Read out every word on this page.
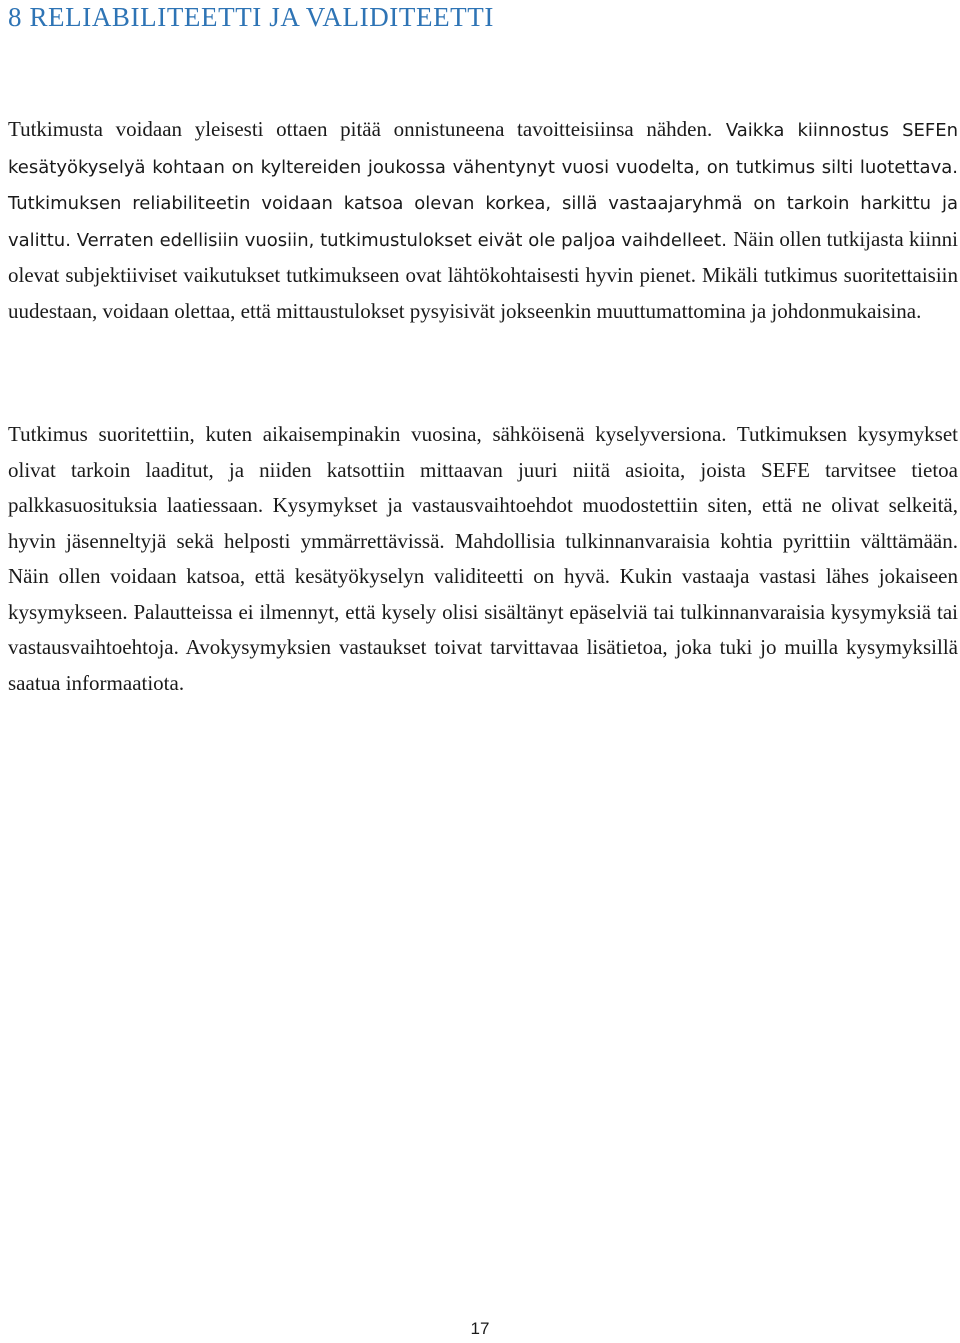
8 RELIABILITEETTI JA VALIDITEETTI

Tutkimusta voidaan yleisesti ottaen pitää onnistuneena tavoitteisiinsa nähden. Vaikka kiinnostus SEFEn kesätyökyselyä kohtaan on kyltereiden joukossa vähentynyt vuosi vuodelta, on tutkimus silti luotettava. Tutkimuksen reliabiliteetin voidaan katsoa olevan korkea, sillä vastaajaryhmä on tarkoin harkittu ja valittu. Verraten edellisiin vuosiin, tutkimustulokset eivät ole paljoa vaihdelleet. Näin ollen tutkijasta kiinni olevat subjektiiviset vaikutukset tutkimukseen ovat lähtökohtaisesti hyvin pienet. Mikäli tutkimus suoritettaisiin uudestaan, voidaan olettaa, että mittaustulokset pysyisivät jokseenkin muuttumattomina ja johdonmukaisina.

Tutkimus suoritettiin, kuten aikaisempinakin vuosina, sähköisenä kyselyversiona. Tutkimuksen kysymykset olivat tarkoin laaditut, ja niiden katsottiin mittaavan juuri niitä asioita, joista SEFE tarvitsee tietoa palkkasuosituksia laatiessaan. Kysymykset ja vastausvaihtoehdot muodostettiin siten, että ne olivat selkeitä, hyvin jäsenneltyjä sekä helposti ymmärrettävissä. Mahdollisia tulkinnanvaraisia kohtia pyrittiin välttämään. Näin ollen voidaan katsoa, että kesätyökyselyn validiteetti on hyvä. Kukin vastaaja vastasi lähes jokaiseen kysymykseen. Palautteissa ei ilmennyt, että kysely olisi sisältänyt epäselviä tai tulkinnanvaraisia kysymyksiä tai vastausvaihtoehtoja. Avokysymyksien vastaukset toivat tarvittavaa lisätietoa, joka tuki jo muilla kysymyksillä saatua informaatiota.

17
